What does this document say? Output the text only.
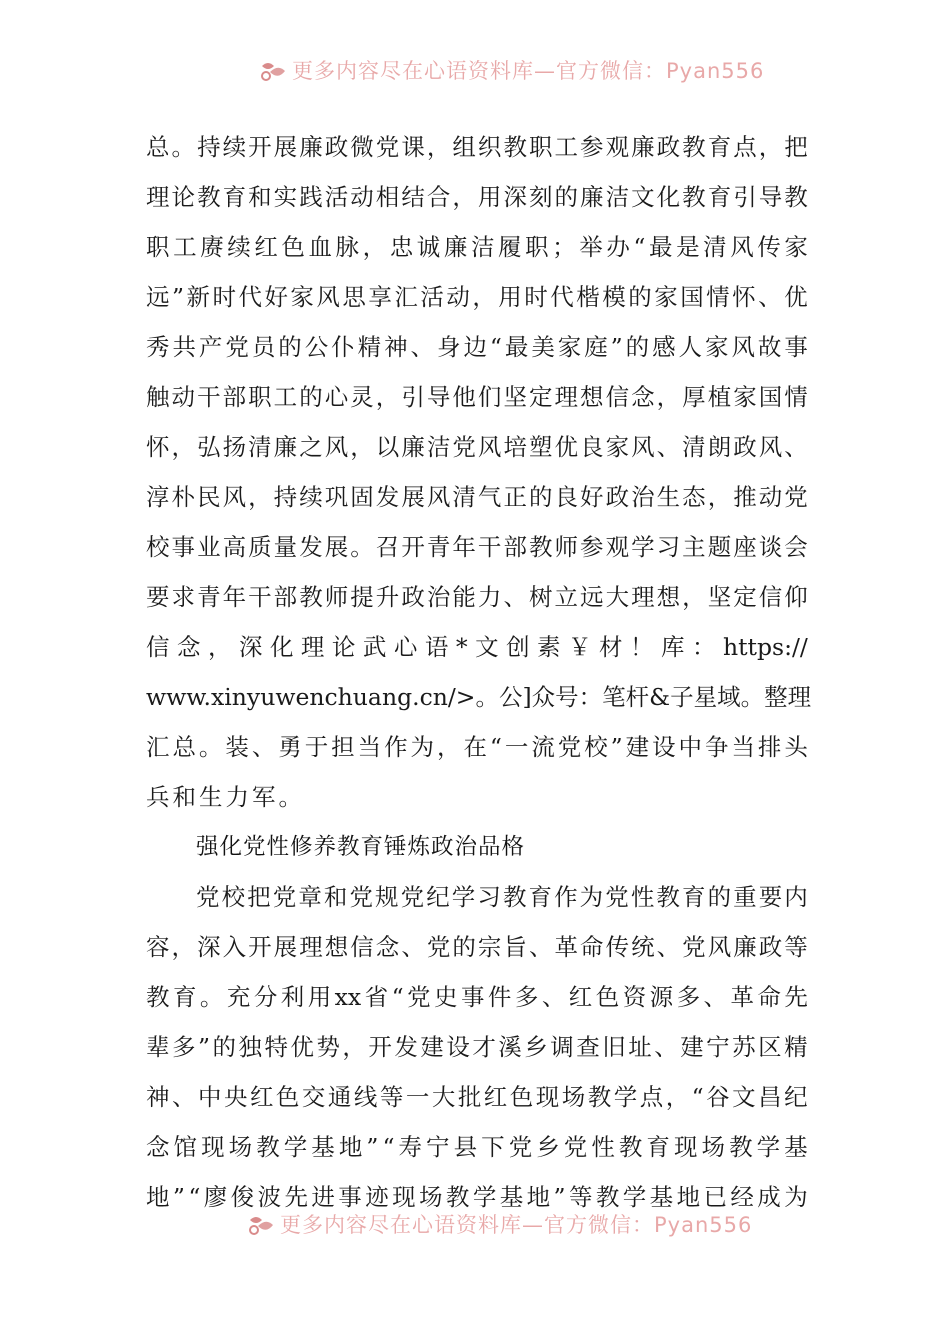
更多内容尽在心语资料库—官方微信：Pyan556
总 。 持 续 开 展 廉 政 微 党 课 ， 组 织 教 职 工 参 观 廉 政 教 育 点 ， 把
理 论 教 育 和 实 践 活 动 相 结 合 ， 用 深 刻 的 廉 洁 文 化 教 育 引 导 教
职 工 赓 续 红 色 血 脉 ， 忠 诚 廉 洁 履 职 ； 举 办 “ 最 是 清 风 传 家
远 ” 新 时 代 好 家 风 思 享 汇 活 动 ， 用 时 代 楷 模 的 家 国 情 怀 、 优
秀 共 产 党 员 的 公 仆 精 神 、 身 边 “ 最 美 家 庭 ” 的 感 人 家 风 故 事
触 动 干 部 职 工 的 心 灵 ， 引 导 他 们 坚 定 理 想 信 念 ， 厚 植 家 国 情
怀 ， 弘 扬 清 廉 之 风 ， 以 廉 洁 党 风 培 塑 优 良 家 风 、 清 朗 政 风 、
淳 朴 民 风 ， 持 续 巩 固 发 展 风 清 气 正 的 良 好 政 治 生 态 ， 推 动 党
校 事 业 高 质 量 发 展 。 召 开 青 年 干 部 教 师 参 观 学 习 主 题 座 谈 会
要 求 青 年 干 部 教 师 提 升 政 治 能 力 、 树 立 远 大 理 想 ， 坚 定 信 仰
信 念 ， 深 化 理 论 武 心 语 * 文 创 素 ￥ 材 ！ 库 ： https://
www.xinyuwenchuang.cn/> 。 公 ] 众 号 ： 笔 杆 & 子 星 域 。 整 理
汇 总 。 装 、 勇 于 担 当 作 为 ， 在 “ 一 流 党 校 ” 建 设 中 争 当 排 头
兵和生力军。
强化党性修养教育锤炼政治品格
党 校 把 党 章 和 党 规 党 纪 学 习 教 育 作 为 党 性 教 育 的 重 要 内
容 ， 深 入 开 展 理 想 信 念 、 党 的 宗 旨 、 革 命 传 统 、 党 风 廉 政 等
教 育 。 充 分 利 用 xx 省 “ 党 史 事 件 多 、 红 色 资 源 多 、 革 命 先
辈 多 ” 的 独 特 优 势 ， 开 发 建 设 才 溪 乡 调 查 旧 址 、 建 宁 苏 区 精
神 、 中 央 红 色 交 通 线 等 一 大 批 红 色 现 场 教 学 点 ， “ 谷 文 昌 纪
念 馆 现 场 教 学 基 地 ” “ 寿 宁 县 下 党 乡 党 性 教 育 现 场 教 学 基
地 ” “ 廖 俊 波 先 进 事 迹 现 场 教 学 基 地 ” 等 教 学 基 地 已 经 成 为
更多内容尽在心语资料库—官方微信：Pyan556
